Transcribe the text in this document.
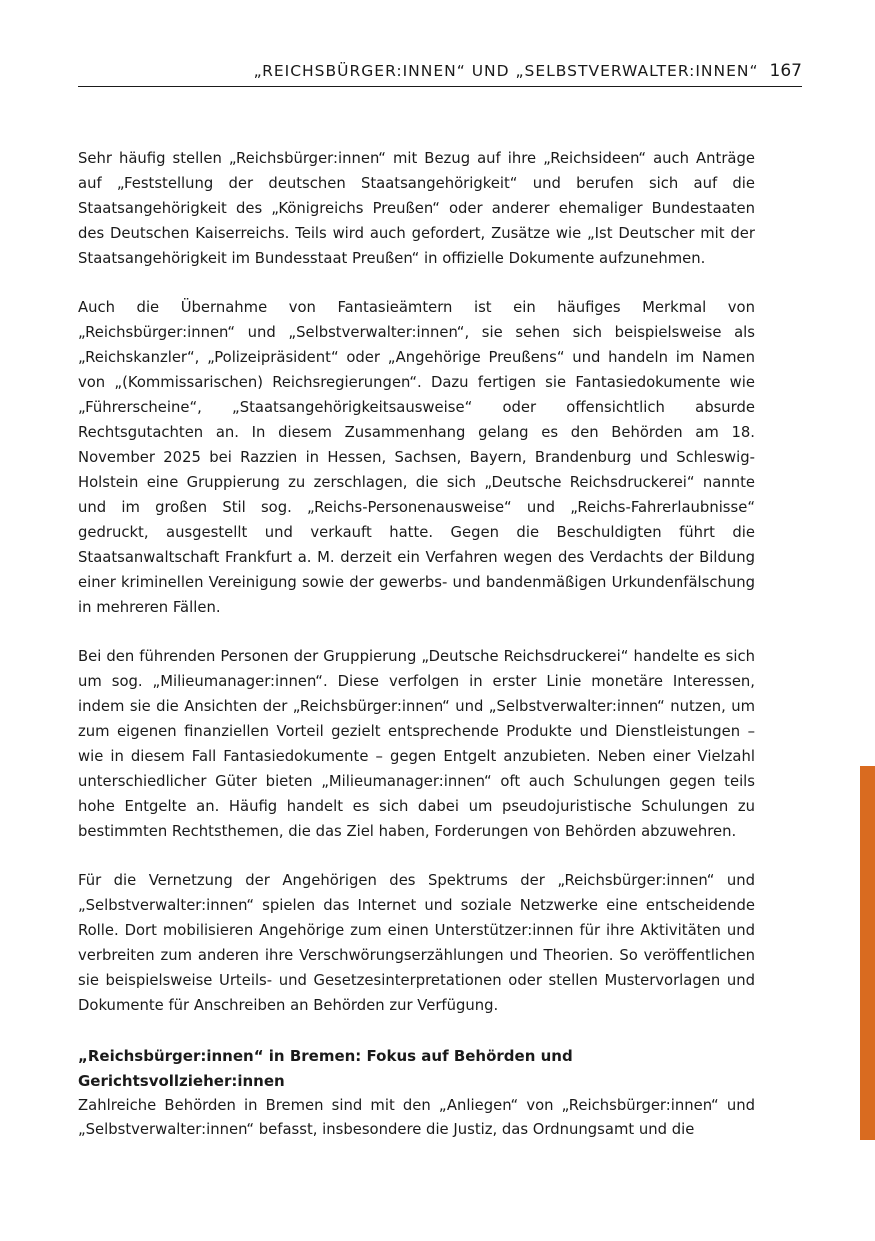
„REICHSBÜRGER:INNEN“ UND „SELBSTVERWALTER:INNEN“ 167

Sehr häufig stellen „Reichsbürger:innen“ mit Bezug auf ihre „Reichsideen“ auch Anträge auf „Feststellung der deutschen Staatsangehörigkeit“ und berufen sich auf die Staatsangehörigkeit des „Königreichs Preußen“ oder anderer ehemaliger Bundestaaten des Deutschen Kaiserreichs. Teils wird auch gefordert, Zusätze wie „Ist Deutscher mit der Staatsangehörigkeit im Bundesstaat Preußen“ in offizielle Dokumente aufzunehmen.

Auch die Übernahme von Fantasieämtern ist ein häufiges Merkmal von „Reichsbürger:innen“ und „Selbstverwalter:innen“, sie sehen sich beispielsweise als „Reichskanzler“, „Polizeipräsident“ oder „Angehörige Preußens“ und handeln im Namen von „(Kommissarischen) Reichsregierungen“. Dazu fertigen sie Fantasiedokumente wie „Führerscheine“, „Staatsangehörigkeitsausweise“ oder offensichtlich absurde Rechtsgutachten an. In diesem Zusammenhang gelang es den Behörden am 18. November 2025 bei Razzien in Hessen, Sachsen, Bayern, Brandenburg und Schleswig-Holstein eine Gruppierung zu zerschlagen, die sich „Deutsche Reichsdruckerei“ nannte und im großen Stil sog. „Reichs-Personenausweise“ und „Reichs-Fahrerlaubnisse“ gedruckt, ausgestellt und verkauft hatte. Gegen die Beschuldigten führt die Staatsanwaltschaft Frankfurt a. M. derzeit ein Verfahren wegen des Verdachts der Bildung einer kriminellen Vereinigung sowie der gewerbs- und bandenmäßigen Urkundenfälschung in mehreren Fällen.

Bei den führenden Personen der Gruppierung „Deutsche Reichsdruckerei“ handelte es sich um sog. „Milieumanager:innen“. Diese verfolgen in erster Linie monetäre Interessen, indem sie die Ansichten der „Reichsbürger:innen“ und „Selbstverwalter:innen“ nutzen, um zum eigenen finanziellen Vorteil gezielt entsprechende Produkte und Dienstleistungen – wie in diesem Fall Fantasiedokumente – gegen Entgelt anzubieten. Neben einer Vielzahl unterschiedlicher Güter bieten „Milieumanager:innen“ oft auch Schulungen gegen teils hohe Entgelte an. Häufig handelt es sich dabei um pseudojuristische Schulungen zu bestimmten Rechtsthemen, die das Ziel haben, Forderungen von Behörden abzuwehren.

Für die Vernetzung der Angehörigen des Spektrums der „Reichsbürger:innen“ und „Selbstverwalter:innen“ spielen das Internet und soziale Netzwerke eine entscheidende Rolle. Dort mobilisieren Angehörige zum einen Unterstützer:innen für ihre Aktivitäten und verbreiten zum anderen ihre Verschwörungserzählungen und Theorien. So veröffentlichen sie beispielsweise Urteils- und Gesetzesinterpretationen oder stellen Mustervorlagen und Dokumente für Anschreiben an Behörden zur Verfügung.

„Reichsbürger:innen“ in Bremen: Fokus auf Behörden und Gerichtsvollzieher:innen

Zahlreiche Behörden in Bremen sind mit den „Anliegen“ von „Reichsbürger:innen“ und „Selbstverwalter:innen“ befasst, insbesondere die Justiz, das Ordnungsamt und die
